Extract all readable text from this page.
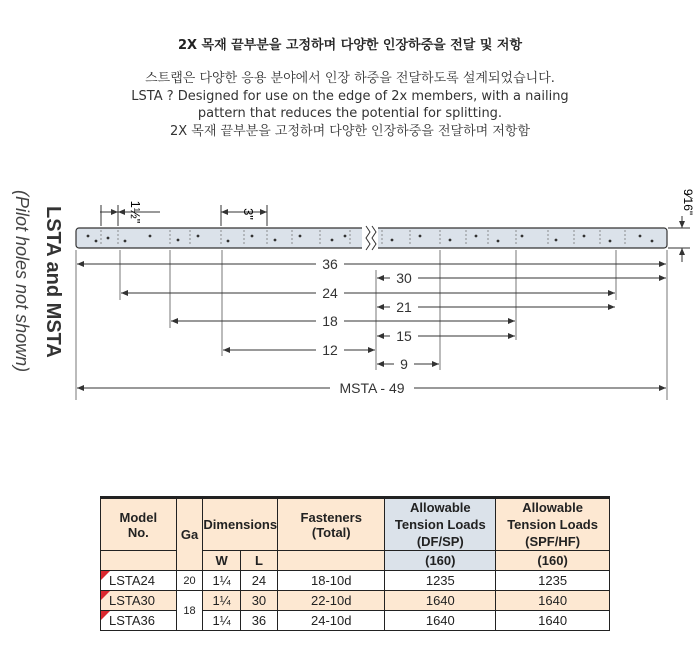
2X 목재 끝부분을 고정하며 다양한 인장하중을 전달 및 저항
스트랩은 다양한 응용 분야에서 인장 하중을 전달하도록 설계되었습니다.
LSTA ? Designed for use on the edge of 2x members, with a nailing
pattern that reduces the potential for splitting.
2X 목재 끝부분을 고정하며 다양한 인장하중을 전달하며 저항함
LSTA and MSTA
(Pilot holes not shown)	1½"	3"	9⁄16"
36
30
24
21
18
15
12
9
MSTA - 49
Model No.	Ga	Dimensions		Fasteners (Total)	Allowable Tension Loads (DF/SP)	Allowable Tension Loads (SPF/HF)

		W	L		(160)	(160)

LSTA24	20	1¼	24	18-10d	1235	1235

LSTA30	18	1¼	30	22-10d	1640	1640

LSTA36		1¼	36	24-10d	1640	1640
